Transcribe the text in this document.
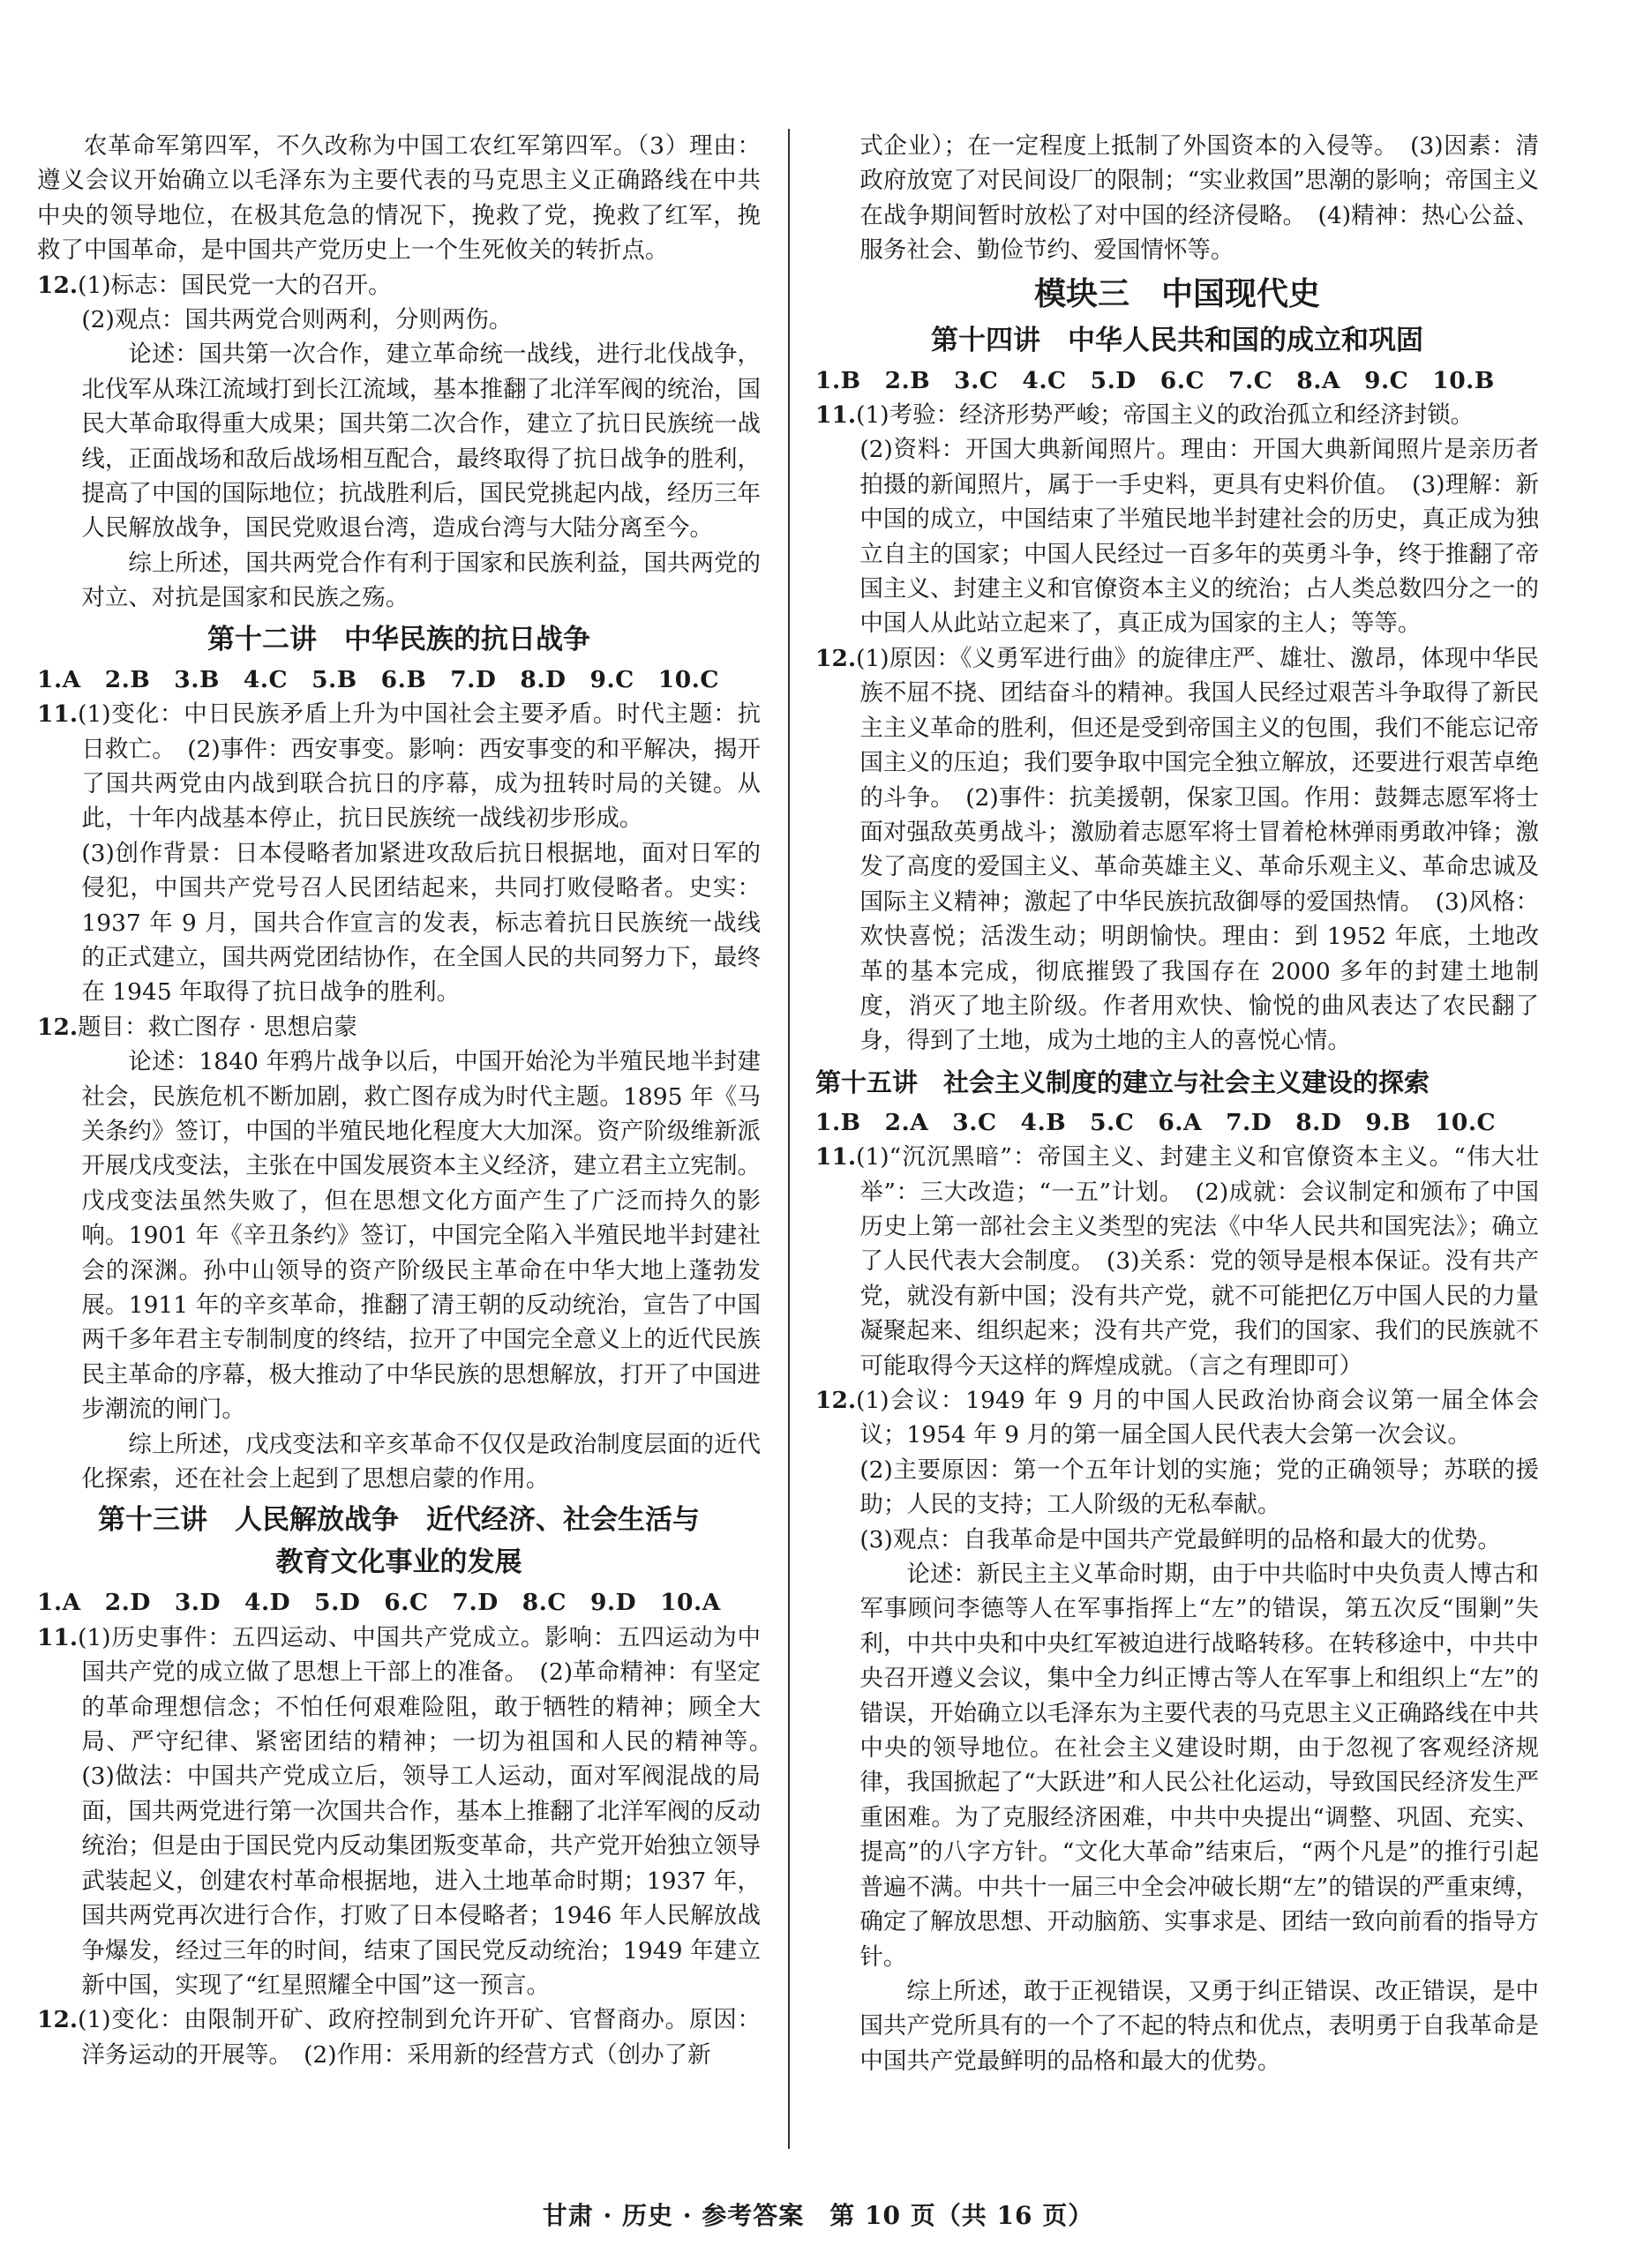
农革命军第四军，不久改称为中国工农红军第四军。（3）理由：遵义会议开始确立以毛泽东为主要代表的马克思主义正确路线在中共中央的领导地位，在极其危急的情况下，挽救了党，挽救了红军，挽救了中国革命，是中国共产党历史上一个生死攸关的转折点。

12.(1)标志：国民党一大的召开。

(2)观点：国共两党合则两利，分则两伤。

论述：国共第一次合作，建立革命统一战线，进行北伐战争，北伐军从珠江流域打到长江流域，基本推翻了北洋军阀的统治，国民大革命取得重大成果；国共第二次合作，建立了抗日民族统一战线，正面战场和敌后战场相互配合，最终取得了抗日战争的胜利，提高了中国的国际地位；抗战胜利后，国民党挑起内战，经历三年人民解放战争，国民党败退台湾，造成台湾与大陆分离至今。

综上所述，国共两党合作有利于国家和民族利益，国共两党的对立、对抗是国家和民族之殇。

第十二讲　中华民族的抗日战争

1.A　2.B　3.B　4.C　5.B　6.B　7.D　8.D　9.C　10.C

11.(1)变化：中日民族矛盾上升为中国社会主要矛盾。时代主题：抗日救亡。　(2)事件：西安事变。影响：西安事变的和平解决，揭开了国共两党由内战到联合抗日的序幕，成为扭转时局的关键。从此，十年内战基本停止，抗日民族统一战线初步形成。

(3)创作背景：日本侵略者加紧进攻敌后抗日根据地，面对日军的侵犯，中国共产党号召人民团结起来，共同打败侵略者。史实：1937 年 9 月，国共合作宣言的发表，标志着抗日民族统一战线的正式建立，国共两党团结协作，在全国人民的共同努力下，最终在 1945 年取得了抗日战争的胜利。

12.题目：救亡图存 · 思想启蒙

论述：1840 年鸦片战争以后，中国开始沦为半殖民地半封建社会，民族危机不断加剧，救亡图存成为时代主题。1895 年《马关条约》签订，中国的半殖民地化程度大大加深。资产阶级维新派开展戊戌变法，主张在中国发展资本主义经济，建立君主立宪制。戊戌变法虽然失败了，但在思想文化方面产生了广泛而持久的影响。1901 年《辛丑条约》签订，中国完全陷入半殖民地半封建社会的深渊。孙中山领导的资产阶级民主革命在中华大地上蓬勃发展。1911 年的辛亥革命，推翻了清王朝的反动统治，宣告了中国两千多年君主专制制度的终结，拉开了中国完全意义上的近代民族民主革命的序幕，极大推动了中华民族的思想解放，打开了中国进步潮流的闸门。

综上所述，戊戌变法和辛亥革命不仅仅是政治制度层面的近代化探索，还在社会上起到了思想启蒙的作用。

第十三讲　人民解放战争　近代经济、社会生活与
教育文化事业的发展

1.A　2.D　3.D　4.D　5.D　6.C　7.D　8.C　9.D　10.A

11.(1)历史事件：五四运动、中国共产党成立。影响：五四运动为中国共产党的成立做了思想上干部上的准备。　(2)革命精神：有坚定的革命理想信念；不怕任何艰难险阻，敢于牺牲的精神；顾全大局、严守纪律、紧密团结的精神；一切为祖国和人民的精神等。　(3)做法：中国共产党成立后，领导工人运动，面对军阀混战的局面，国共两党进行第一次国共合作，基本上推翻了北洋军阀的反动统治；但是由于国民党内反动集团叛变革命，共产党开始独立领导武装起义，创建农村革命根据地，进入土地革命时期；1937 年，国共两党再次进行合作，打败了日本侵略者；1946 年人民解放战争爆发，经过三年的时间，结束了国民党反动统治；1949 年建立新中国，实现了“红星照耀全中国”这一预言。

12.(1)变化：由限制开矿、政府控制到允许开矿、官督商办。原因：洋务运动的开展等。　(2)作用：采用新的经营方式（创办了新

式企业）；在一定程度上抵制了外国资本的入侵等。　(3)因素：清政府放宽了对民间设厂的限制；“实业救国”思潮的影响；帝国主义在战争期间暂时放松了对中国的经济侵略。　(4)精神：热心公益、服务社会、勤俭节约、爱国情怀等。

模块三　中国现代史
第十四讲　中华人民共和国的成立和巩固

1.B　2.B　3.C　4.C　5.D　6.C　7.C　8.A　9.C　10.B

11.(1)考验：经济形势严峻；帝国主义的政治孤立和经济封锁。

(2)资料：开国大典新闻照片。理由：开国大典新闻照片是亲历者拍摄的新闻照片，属于一手史料，更具有史料价值。　(3)理解：新中国的成立，中国结束了半殖民地半封建社会的历史，真正成为独立自主的国家；中国人民经过一百多年的英勇斗争，终于推翻了帝国主义、封建主义和官僚资本主义的统治；占人类总数四分之一的中国人从此站立起来了，真正成为国家的主人；等等。

12.(1)原因：《义勇军进行曲》的旋律庄严、雄壮、激昂，体现中华民族不屈不挠、团结奋斗的精神。我国人民经过艰苦斗争取得了新民主主义革命的胜利，但还是受到帝国主义的包围，我们不能忘记帝国主义的压迫；我们要争取中国完全独立解放，还要进行艰苦卓绝的斗争。　(2)事件：抗美援朝，保家卫国。作用：鼓舞志愿军将士面对强敌英勇战斗；激励着志愿军将士冒着枪林弹雨勇敢冲锋；激发了高度的爱国主义、革命英雄主义、革命乐观主义、革命忠诚及国际主义精神；激起了中华民族抗敌御辱的爱国热情。　(3)风格：欢快喜悦；活泼生动；明朗愉快。理由：到 1952 年底，土地改革的基本完成，彻底摧毁了我国存在 2000 多年的封建土地制度，消灭了地主阶级。作者用欢快、愉悦的曲风表达了农民翻了身，得到了土地，成为土地的主人的喜悦心情。

第十五讲　社会主义制度的建立与社会主义建设的探索

1.B　2.A　3.C　4.B　5.C　6.A　7.D　8.D　9.B　10.C

11.(1)“沉沉黑暗”：帝国主义、封建主义和官僚资本主义。“伟大壮举”：三大改造；“一五”计划。　(2)成就：会议制定和颁布了中国历史上第一部社会主义类型的宪法《中华人民共和国宪法》；确立了人民代表大会制度。　(3)关系：党的领导是根本保证。没有共产党，就没有新中国；没有共产党，就不可能把亿万中国人民的力量凝聚起来、组织起来；没有共产党，我们的国家、我们的民族就不可能取得今天这样的辉煌成就。（言之有理即可）

12.(1)会议：1949 年 9 月的中国人民政治协商会议第一届全体会议；1954 年 9 月的第一届全国人民代表大会第一次会议。

(2)主要原因：第一个五年计划的实施；党的正确领导；苏联的援助；人民的支持；工人阶级的无私奉献。

(3)观点：自我革命是中国共产党最鲜明的品格和最大的优势。

论述：新民主主义革命时期，由于中共临时中央负责人博古和军事顾问李德等人在军事指挥上“左”的错误，第五次反“围剿”失利，中共中央和中央红军被迫进行战略转移。在转移途中，中共中央召开遵义会议，集中全力纠正博古等人在军事上和组织上“左”的错误，开始确立以毛泽东为主要代表的马克思主义正确路线在中共中央的领导地位。在社会主义建设时期，由于忽视了客观经济规律，我国掀起了“大跃进”和人民公社化运动，导致国民经济发生严重困难。为了克服经济困难，中共中央提出“调整、巩固、充实、提高”的八字方针。“文化大革命”结束后，“两个凡是”的推行引起普遍不满。中共十一届三中全会冲破长期“左”的错误的严重束缚，确定了解放思想、开动脑筋、实事求是、团结一致向前看的指导方针。

综上所述，敢于正视错误，又勇于纠正错误、改正错误，是中国共产党所具有的一个了不起的特点和优点，表明勇于自我革命是中国共产党最鲜明的品格和最大的优势。

甘肃 · 历史 · 参考答案　第 10 页（共 16 页）
